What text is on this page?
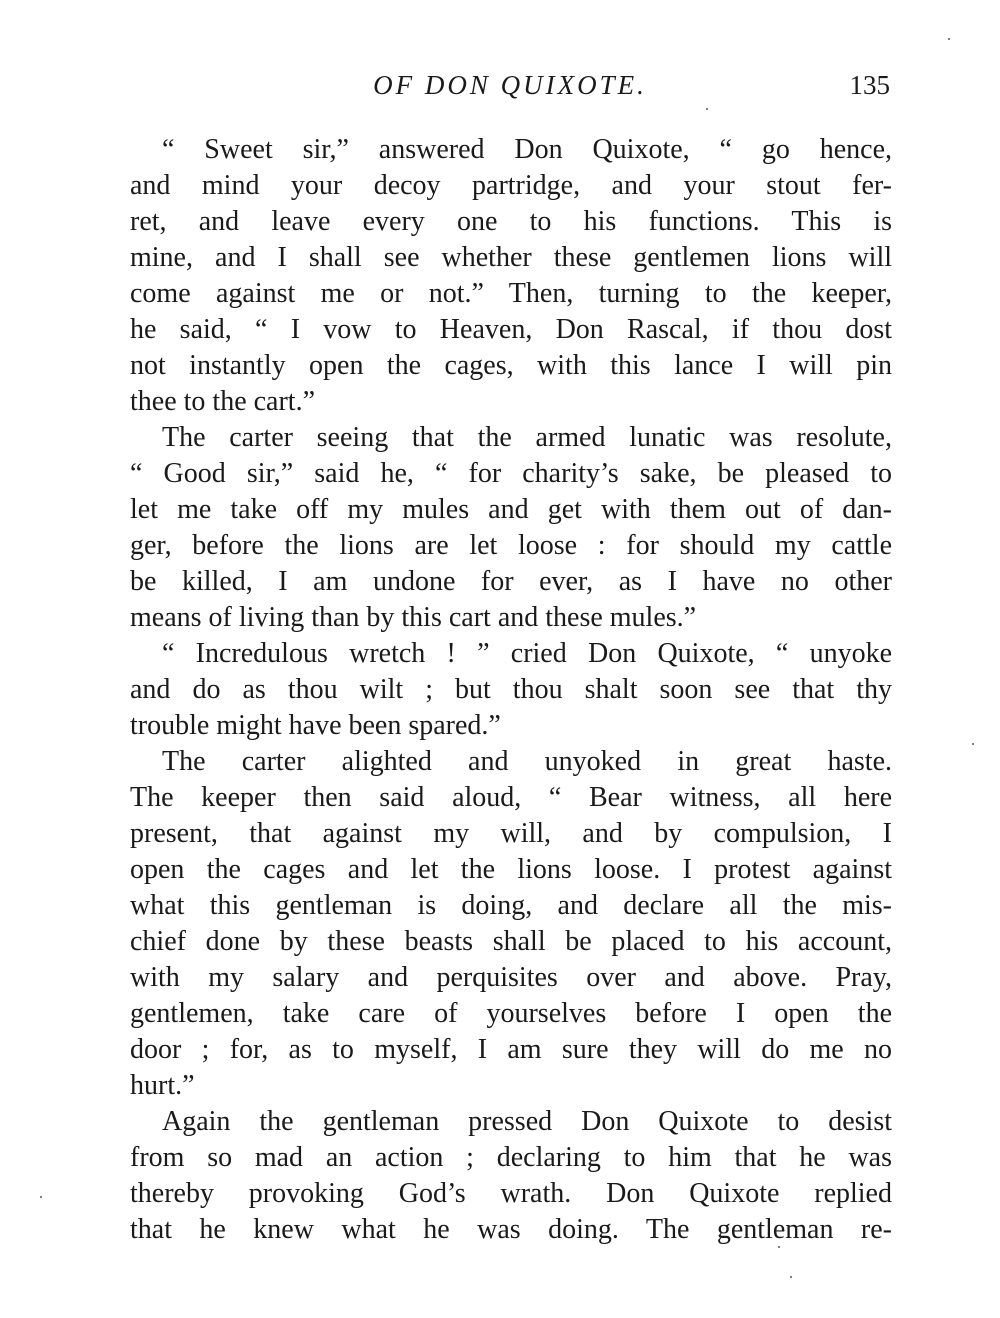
OF DON QUIXOTE.	135
“ Sweet sir,” answered Don Quixote, “ go hence,
and mind your decoy partridge, and your stout fer-
ret, and leave every one to his functions. This is
mine, and I shall see whether these gentlemen lions will
come against me or not.” Then, turning to the keeper,
he said, “ I vow to Heaven, Don Rascal, if thou dost
not instantly open the cages, with this lance I will pin
thee to the cart.”
The carter seeing that the armed lunatic was resolute,
“ Good sir,” said he, “ for charity’s sake, be pleased to
let me take off my mules and get with them out of dan-
ger, before the lions are let loose : for should my cattle
be killed, I am undone for ever, as I have no other
means of living than by this cart and these mules.”
“ Incredulous wretch ! ” cried Don Quixote, “ unyoke
and do as thou wilt ; but thou shalt soon see that thy
trouble might have been spared.”
The carter alighted and unyoked in great haste.
The keeper then said aloud, “ Bear witness, all here
present, that against my will, and by compulsion, I
open the cages and let the lions loose. I protest against
what this gentleman is doing, and declare all the mis-
chief done by these beasts shall be placed to his account,
with my salary and perquisites over and above. Pray,
gentlemen, take care of yourselves before I open the
door ; for, as to myself, I am sure they will do me no
hurt.”
Again the gentleman pressed Don Quixote to desist
from so mad an action ; declaring to him that he was
thereby provoking God’s wrath. Don Quixote replied
that he knew what he was doing. The gentleman re-
